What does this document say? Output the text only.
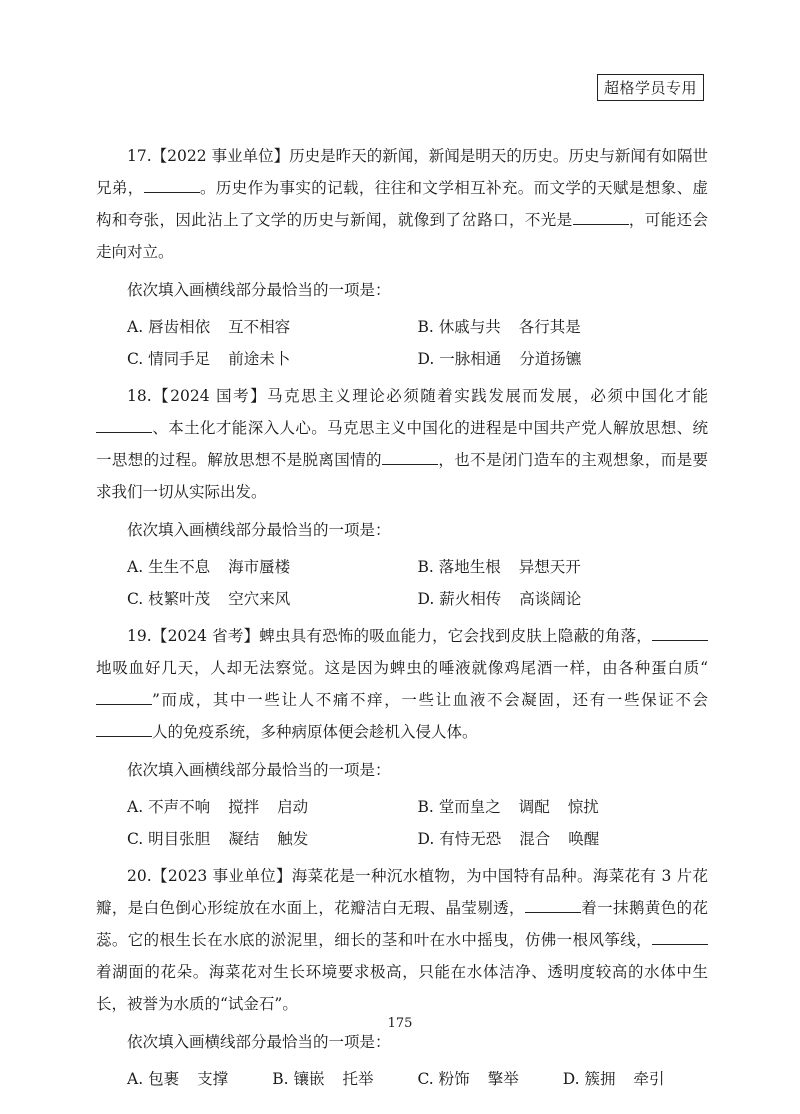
超格学员专用

17.【2022 事业单位】历史是昨天的新闻，新闻是明天的历史。历史与新闻有如隔世兄弟，	。历史作为事实的记载，往往和文学相互补充。而文学的天赋是想象、虚构和夸张，因此沾上了文学的历史与新闻，就像到了岔路口，不光是	，可能还会走向对立。

依次填入画横线部分最恰当的一项是：

A. 唇齿相依 互不相容	B. 休戚与共 各行其是
C. 情同手足 前途未卜	D. 一脉相通 分道扬镳

18.【2024 国考】马克思主义理论必须随着实践发展而发展，必须中国化才能、本土化才能深入人心。马克思主义中国化的进程是中国共产党人解放思想、统一思想的过程。解放思想不是脱离国情的	，也不是闭门造车的主观想象，而是要求我们一切从实际出发。

依次填入画横线部分最恰当的一项是：

A. 生生不息 海市蜃楼	B. 落地生根 异想天开
C. 枝繁叶茂 空穴来风	D. 薪火相传 高谈阔论

19.【2024 省考】蜱虫具有恐怖的吸血能力，它会找到皮肤上隐蔽的角落，地吸血好几天，人却无法察觉。这是因为蜱虫的唾液就像鸡尾酒一样，由各种蛋白质“”而成，其中一些让人不痛不痒，一些让血液不会凝固，还有一些保证不会人的免疫系统，多种病原体便会趁机入侵人体。

依次填入画横线部分最恰当的一项是：

A. 不声不响 搅拌 启动	B. 堂而皇之 调配 惊扰
C. 明目张胆 凝结 触发	D. 有恃无恐 混合 唤醒

20.【2023 事业单位】海菜花是一种沉水植物，为中国特有品种。海菜花有 3 片花瓣，是白色倒心形绽放在水面上，花瓣洁白无瑕、晶莹剔透，	着一抹鹅黄色的花蕊。它的根生长在水底的淤泥里，细长的茎和叶在水中摇曳，仿佛一根风筝线，着湖面的花朵。海菜花对生长环境要求极高，只能在水体洁净、透明度较高的水体中生长，被誉为水质的“试金石”。

依次填入画横线部分最恰当的一项是：

A. 包裹 支撑	B. 镶嵌 托举	C. 粉饰 擎举	D. 簇拥 牵引
175
